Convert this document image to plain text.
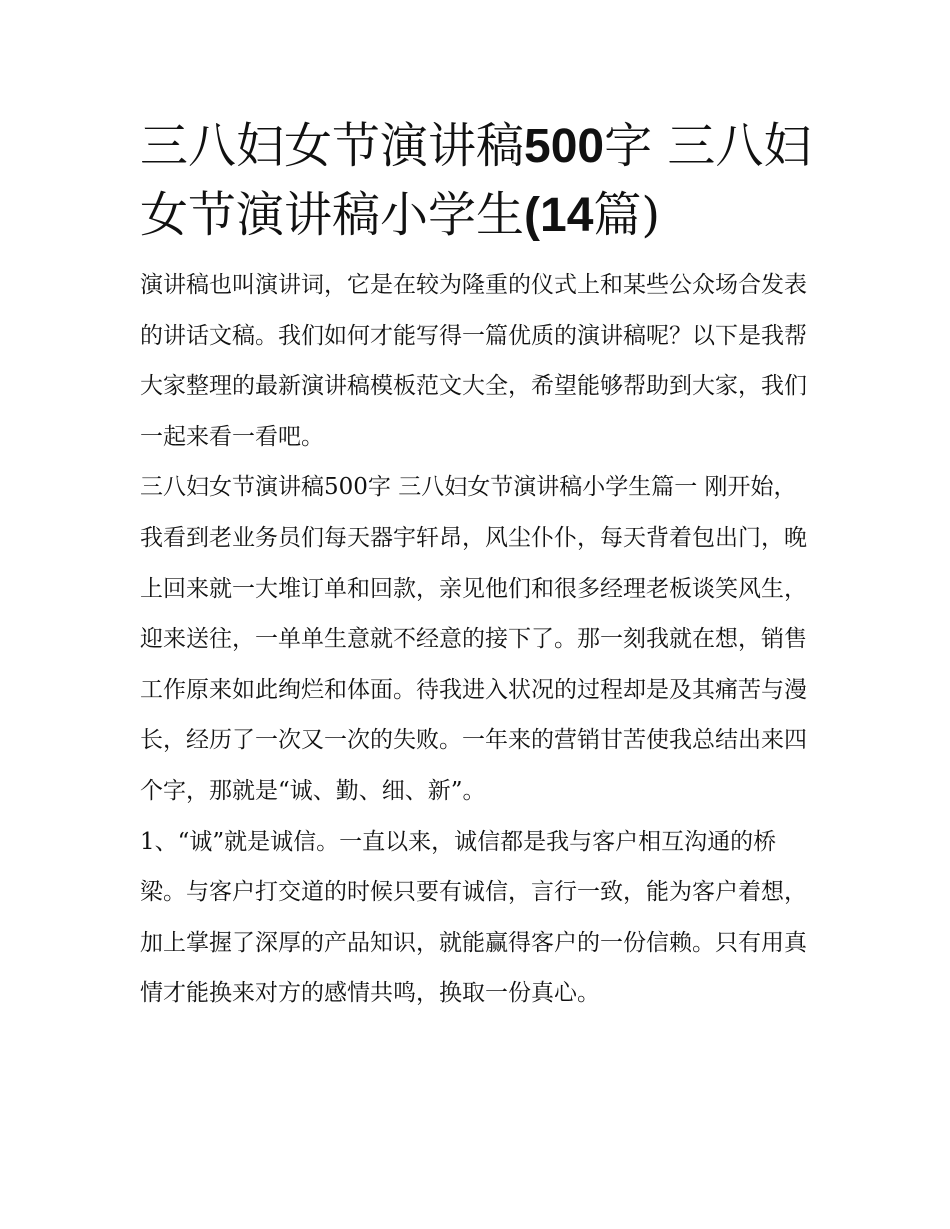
三八妇女节演讲稿500字 三八妇女节演讲稿小学生(14篇)

演讲稿也叫演讲词，它是在较为隆重的仪式上和某些公众场合发表的讲话文稿。我们如何才能写得一篇优质的演讲稿呢？以下是我帮大家整理的最新演讲稿模板范文大全，希望能够帮助到大家，我们一起来看一看吧。

三八妇女节演讲稿500字 三八妇女节演讲稿小学生篇一 刚开始，

我看到老业务员们每天器宇轩昂，风尘仆仆，每天背着包出门，晚上回来就一大堆订单和回款，亲见他们和很多经理老板谈笑风生，迎来送往，一单单生意就不经意的接下了。那一刻我就在想，销售工作原来如此绚烂和体面。待我进入状况的过程却是及其痛苦与漫长，经历了一次又一次的失败。一年来的营销甘苦使我总结出来四个字，那就是“诚、勤、细、新”。

1、“诚”就是诚信。一直以来，诚信都是我与客户相互沟通的桥梁。与客户打交道的时候只要有诚信，言行一致，能为客户着想，加上掌握了深厚的产品知识，就能赢得客户的一份信赖。只有用真情才能换来对方的感情共鸣，换取一份真心。
